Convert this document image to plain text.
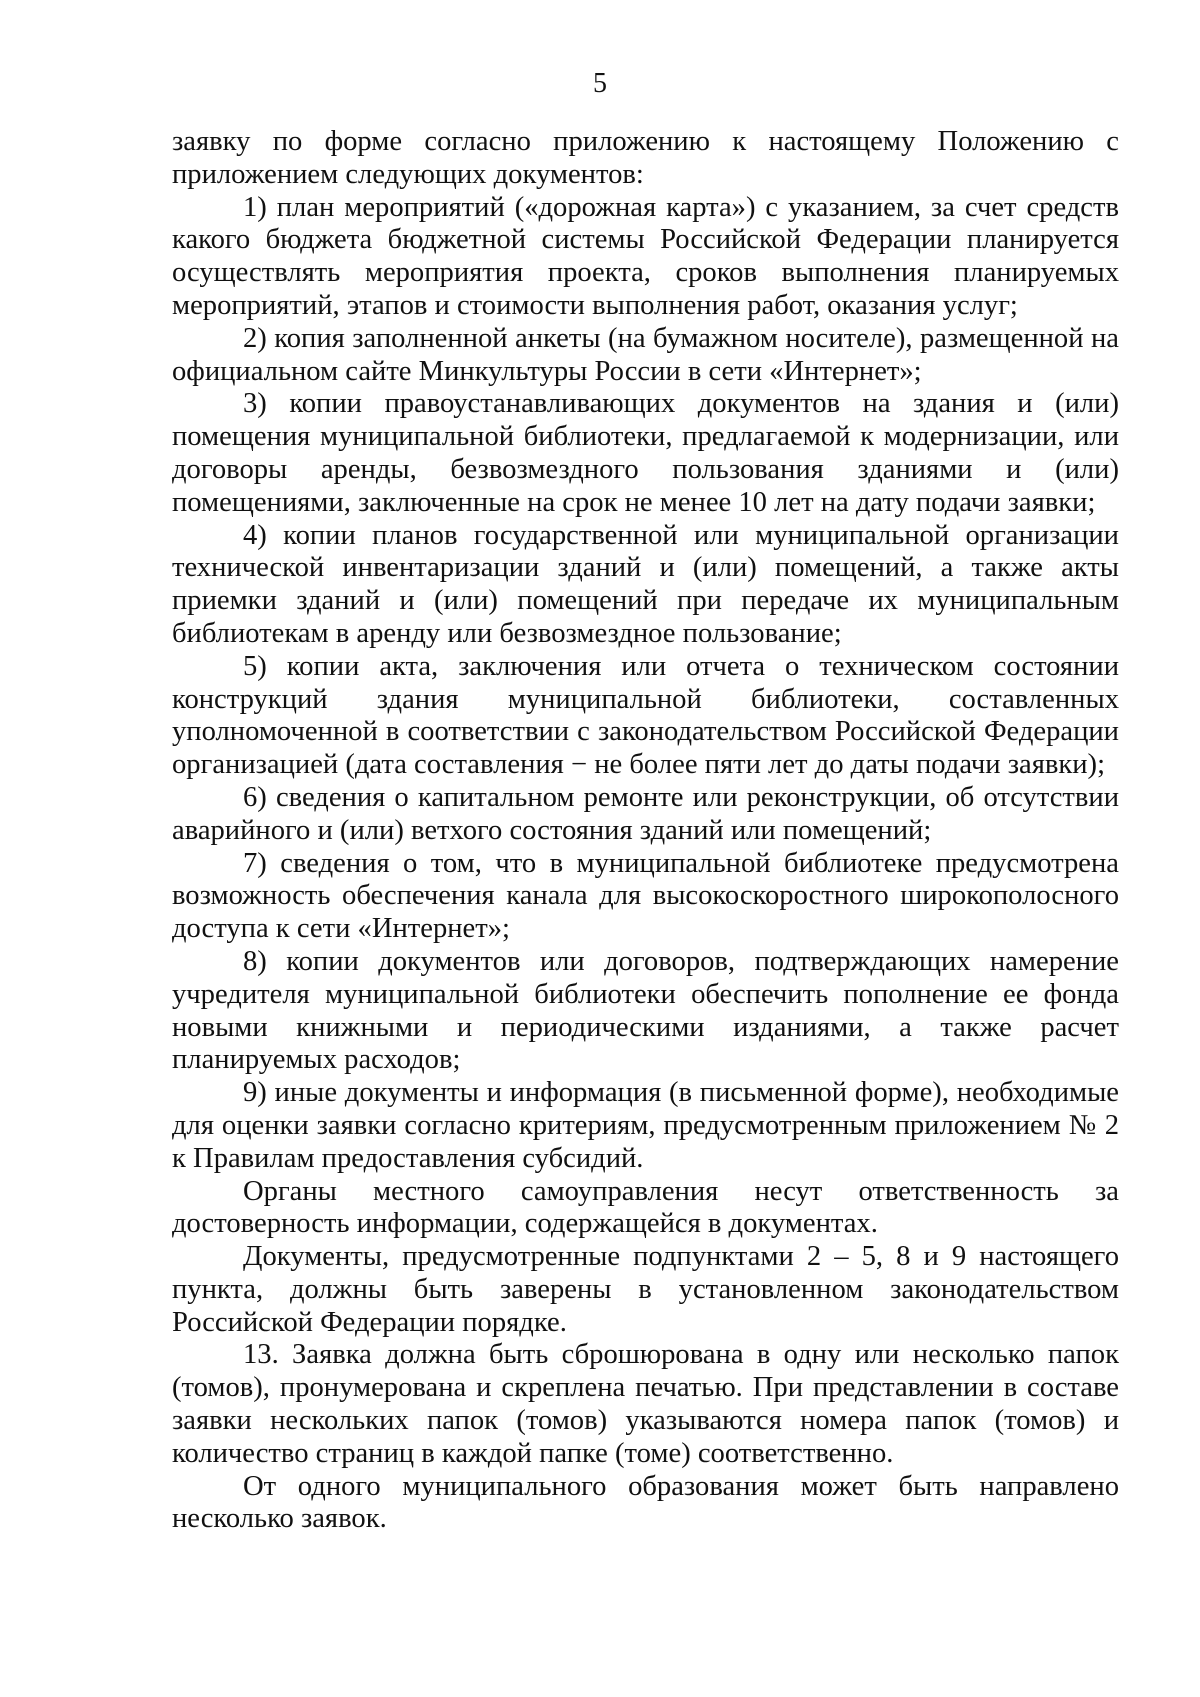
5

заявку по форме согласно приложению к настоящему Положению с приложением следующих документов:

1) план мероприятий («дорожная карта») с указанием, за счет средств какого бюджета бюджетной системы Российской Федерации планируется осуществлять мероприятия проекта, сроков выполнения планируемых мероприятий, этапов и стоимости выполнения работ, оказания услуг;

2) копия заполненной анкеты (на бумажном носителе), размещенной на официальном сайте Минкультуры России в сети «Интернет»;

3) копии правоустанавливающих документов на здания и (или) помещения муниципальной библиотеки, предлагаемой к модернизации, или договоры аренды, безвозмездного пользования зданиями и (или) помещениями, заключенные на срок не менее 10 лет на дату подачи заявки;

4) копии планов государственной или муниципальной организации технической инвентаризации зданий и (или) помещений, а также акты приемки зданий и (или) помещений при передаче их муниципальным библиотекам в аренду или безвозмездное пользование;

5) копии акта, заключения или отчета о техническом состоянии конструкций здания муниципальной библиотеки, составленных уполномоченной в соответствии с законодательством Российской Федерации организацией (дата составления − не более пяти лет до даты подачи заявки);

6) сведения о капитальном ремонте или реконструкции, об отсутствии аварийного и (или) ветхого состояния зданий или помещений;

7) сведения о том, что в муниципальной библиотеке предусмотрена возможность обеспечения канала для высокоскоростного широкополосного доступа к сети «Интернет»;

8) копии документов или договоров, подтверждающих намерение учредителя муниципальной библиотеки обеспечить пополнение ее фонда новыми книжными и периодическими изданиями, а также расчет планируемых расходов;

9) иные документы и информация (в письменной форме), необходимые для оценки заявки согласно критериям, предусмотренным приложением № 2 к Правилам предоставления субсидий.

Органы местного самоуправления несут ответственность за достоверность информации, содержащейся в документах.

Документы, предусмотренные подпунктами 2 – 5, 8 и 9 настоящего пункта, должны быть заверены в установленном законодательством Российской Федерации порядке.

13. Заявка должна быть сброшюрована в одну или несколько папок (томов), пронумерована и скреплена печатью. При представлении в составе заявки нескольких папок (томов) указываются номера папок (томов) и количество страниц в каждой папке (томе) соответственно.

От одного муниципального образования может быть направлено несколько заявок.
